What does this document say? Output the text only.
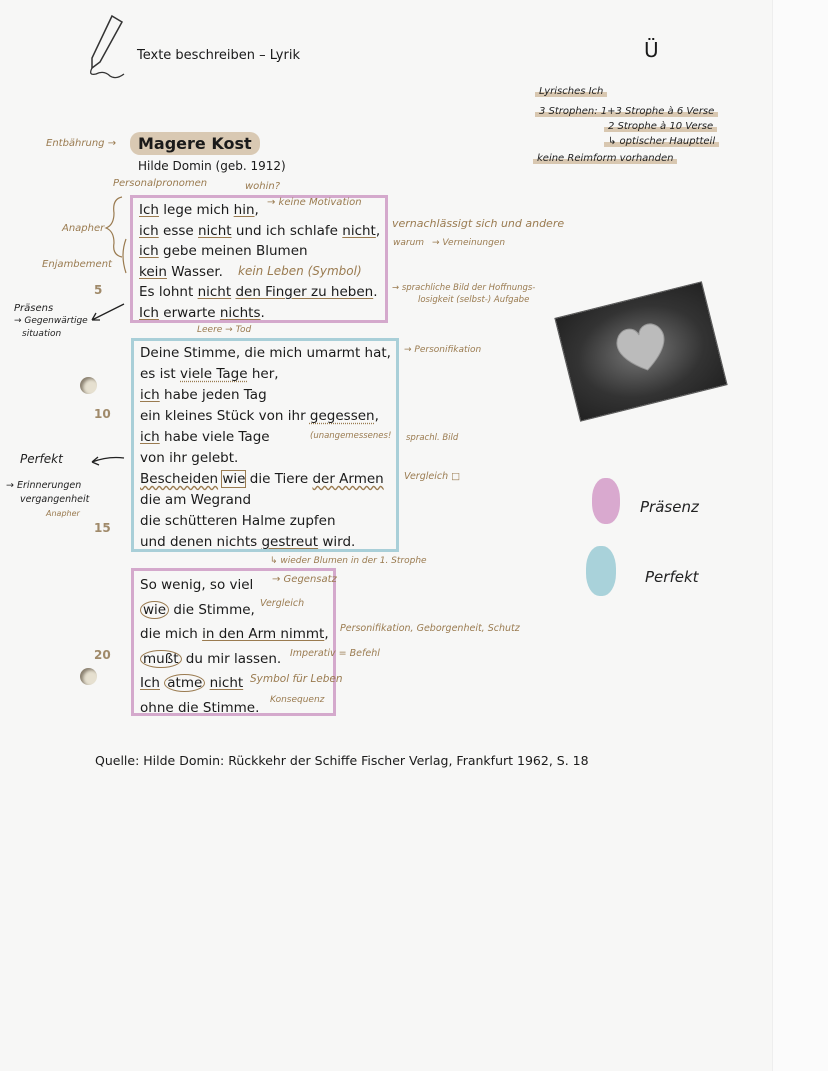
Texte beschreiben – Lyrik	Ü
Lyrisches Ich
3 Strophen: 1+3 Strophe à 6 Verse
2 Strophe à 10 Verse
↳ optischer Hauptteil
keine Reimform vorhanden
Entbährung →	Magere Kost
Hilde Domin (geb. 1912)
Personalpronomen	wohin?
Ich lege mich hin,
ich esse nicht und ich schlafe nicht,
ich gebe meinen Blumen
kein Wasser.
Es lohnt nicht den Finger zu heben.
Ich erwarte nichts.
Deine Stimme, die mich umarmt hat,
es ist viele Tage her,
ich habe jeden Tag
ein kleines Stück von ihr gegessen,
ich habe viele Tage
von ihr gelebt.
Bescheiden wie die Tiere der Armen
die am Wegrand
die schütteren Halme zupfen
und denen nichts gestreut wird.
So wenig, so viel
wie die Stimme,
die mich in den Arm nimmt,
mußt du mir lassen.
Ich atme nicht
ohne die Stimme.
5
10
15
20
Anapher
Enjambement
→ keine Motivation
warum
kein Leben (Symbol)
vernachlässigt sich und andere
→ Verneinungen
→ sprachliche Bild der Hoffnungs-
losigkeit (selbst-) Aufgabe
Präsens
→ Gegenwärtige
situation	Leere → Tod
→ Personifikation
(unangemessenes! sprachl. Bild
Vergleich □
Perfekt
→ Erinnerungen
vergangenheit
Anapher
↳ wieder Blumen in der 1. Strophe
→ Gegensatz
Vergleich
Personifikation, Geborgenheit, Schutz
Imperativ = Befehl
Symbol für Leben
Konsequenz
Präsenz
Perfekt
Quelle: Hilde Domin: Rückkehr der Schiffe Fischer Verlag, Frankfurt 1962, S. 18
